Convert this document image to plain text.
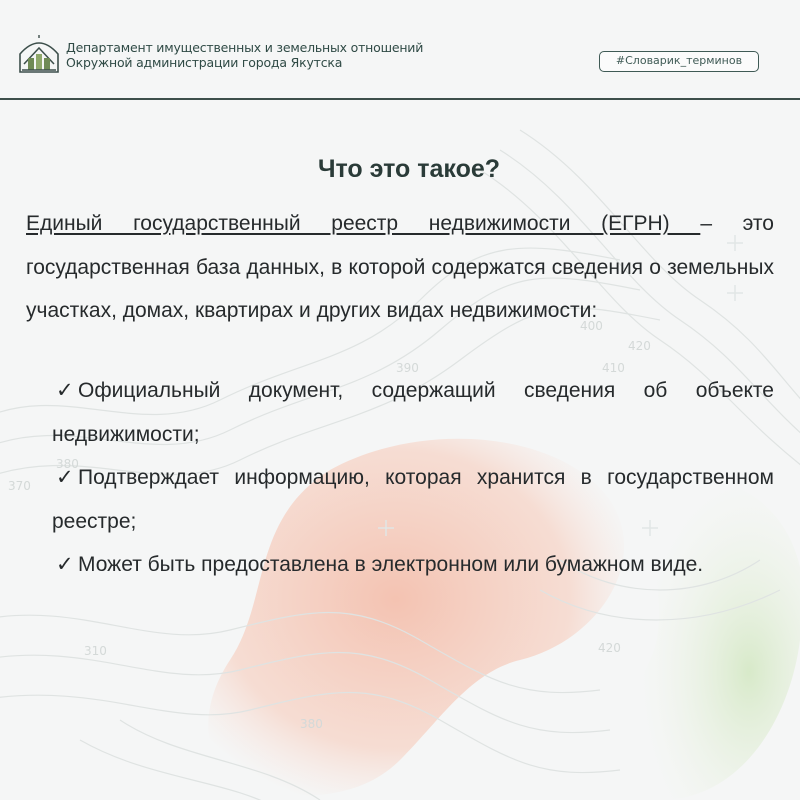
370
380
390
400
410
420
310	420
380
Департамент имущественных и земельных отношений
Окружной администрации города Якутска	#Словарик_терминов
Что это такое?

Единый государственный реестр недвижимости (ЕГРН) – это государственная база данных, в которой содержатся сведения о земельных участках, домах, квартирах и других видах недвижимости:

✓ Официальный документ, содержащий сведения об объекте недвижимости;
✓ Подтверждает информацию, которая хранится в государственном реестре;
✓ Может быть предоставлена в электронном или бумажном виде.
